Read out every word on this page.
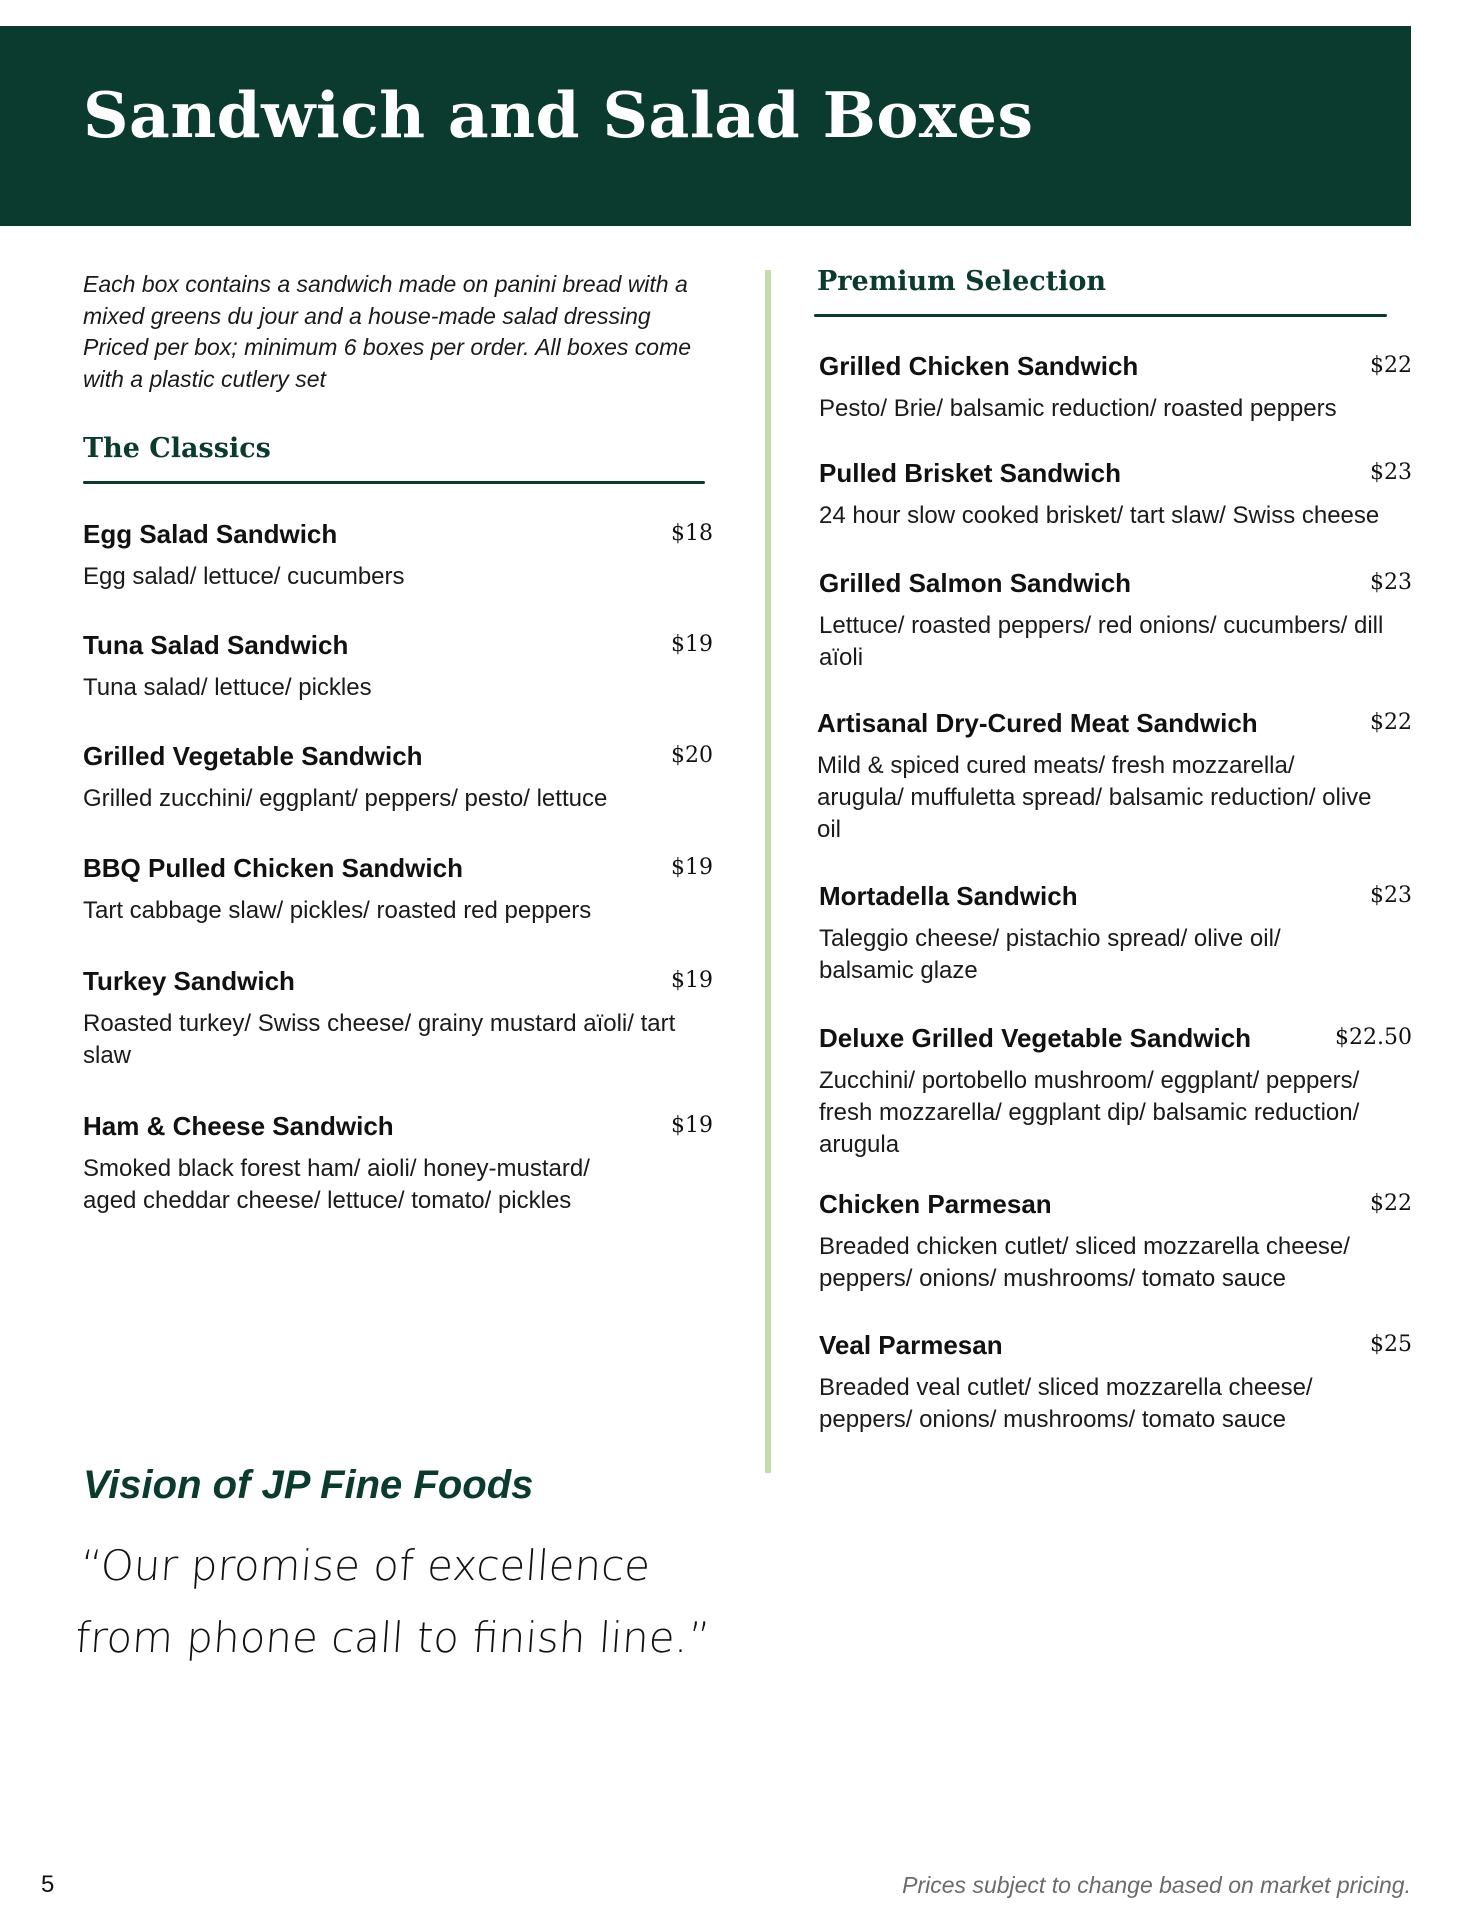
Sandwich and Salad Boxes
Each box contains a sandwich made on panini bread with a
mixed greens du jour and a house-made salad dressing
Priced per box; minimum 6 boxes per order. All boxes come
with a plastic cutlery set
The Classics
Egg Salad Sandwich	$18
Egg salad/ lettuce/ cucumbers
Tuna Salad Sandwich	$19
Tuna salad/ lettuce/ pickles
Grilled Vegetable Sandwich	$20
Grilled zucchini/ eggplant/ peppers/ pesto/ lettuce
BBQ Pulled Chicken Sandwich	$19
Tart cabbage slaw/ pickles/ roasted red peppers
Turkey Sandwich	$19
Roasted turkey/ Swiss cheese/ grainy mustard aïoli/ tart slaw
Ham & Cheese Sandwich	$19
Smoked black forest ham/ aioli/ honey-mustard/ aged cheddar cheese/ lettuce/ tomato/ pickles
Premium Selection
Grilled Chicken Sandwich	$22
Pesto/ Brie/ balsamic reduction/ roasted peppers
Pulled Brisket Sandwich	$23
24 hour slow cooked brisket/ tart slaw/ Swiss cheese
Grilled Salmon Sandwich	$23
Lettuce/ roasted peppers/ red onions/ cucumbers/ dill aïoli
Artisanal Dry-Cured Meat Sandwich	$22
Mild & spiced cured meats/ fresh mozzarella/ arugula/ muffuletta spread/ balsamic reduction/ olive oil
Mortadella Sandwich	$23
Taleggio cheese/ pistachio spread/ olive oil/ balsamic glaze
Deluxe Grilled Vegetable Sandwich	$22.50
Zucchini/ portobello mushroom/ eggplant/ peppers/ fresh mozzarella/ eggplant dip/ balsamic reduction/ arugula
Chicken Parmesan	$22
Breaded chicken cutlet/ sliced mozzarella cheese/ peppers/ onions/ mushrooms/ tomato sauce
Veal Parmesan	$25
Breaded veal cutlet/ sliced mozzarella cheese/ peppers/ onions/ mushrooms/ tomato sauce
Vision of JP Fine Foods
“Our promise of excellence
from phone call to finish line.”
5	Prices subject to change based on market pricing.
